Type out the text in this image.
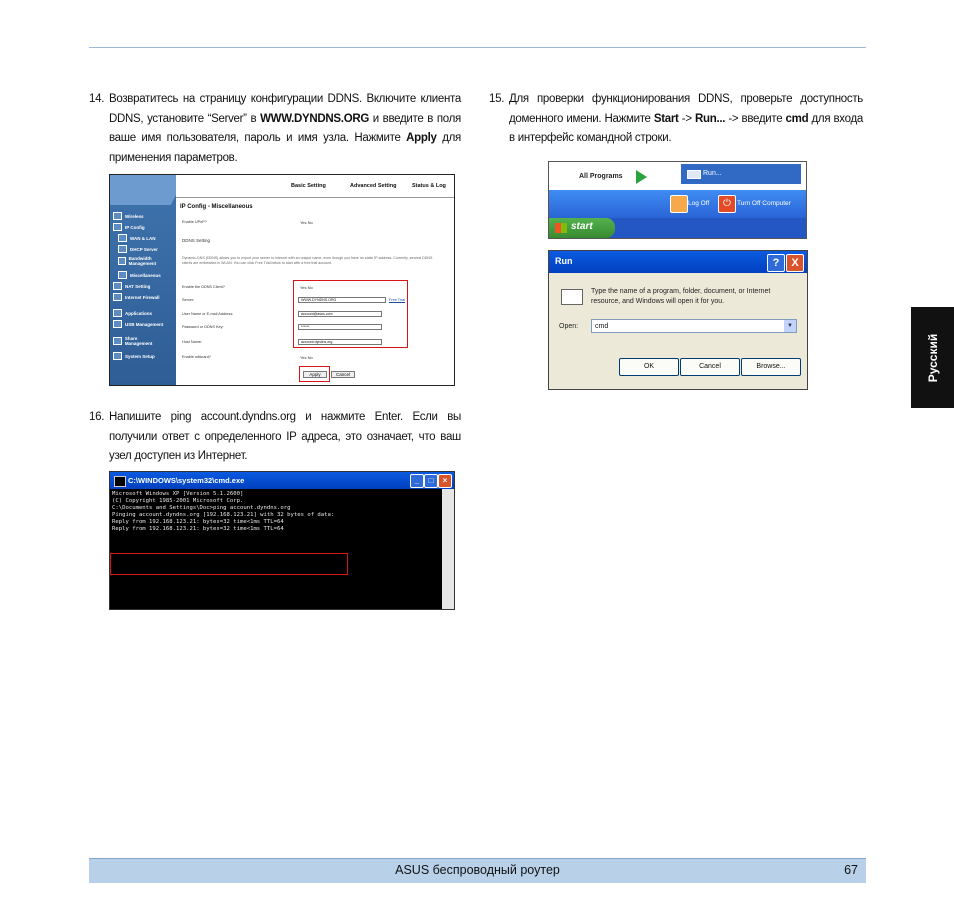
14. Возвратитесь на страницу конфигурации DDNS. Включите клиента DDNS, установите “Server” в WWW.DYNDNS.ORG и введите в поля ваше имя пользователя, пароль и имя узла. Нажмите Apply для применения параметров.
15. Для проверки функционирования DDNS, проверьте доступность доменного имени. Нажмите Start -> Run... -> введите cmd для входа в интерфейс командной строки.
16. Напишите ping account.dyndns.org и нажмите Enter. Если вы получили ответ с определенного IP адреса, это означает, что ваш узел доступен из Интернет.
Wireless
IP Config
WAN & LAN
DHCP Server
Bandwidth Management
Miscellaneous
NAT Setting
Internet Firewall
Applications
USB Management
Share Management
System Setup
Basic Setting	Advanced Setting	Status & Log
IP Config - Miscellaneous
Enable UPnP?	Yes No
DDNS Setting
Dynamic-DNS (DDNS) allows you to export your server to Internet with an unique name, even though you have no static IP address. Currently, several DDNS clients are embedded in WLAN. You can click Free Trial below to start with a free trial account.
Enable the DDNS Client?	Yes No
Server:	WWW.DYNDNS.ORG	Free Trial
User Name or E-mail Address:	account@asus.com
Password or DDNS Key:	******
Host Name:	account.dyndns.org
Enable wildcard?	Yes No
Apply	Cancel
All Programs	Run...
Log Off	⏻ Turn Off Computer
start
Run	?	X
Type the name of a program, folder, document, or Internet resource, and Windows will open it for you.
Open:	cmd	▼
OK	Cancel	Browse...
C:\WINDOWS\system32\cmd.exe	_	□	×
Microsoft Windows XP [Version 5.1.2600]
(C) Copyright 1985-2001 Microsoft Corp.
C:\Documents and Settings\Doc>ping account.dyndns.org
Pinging account.dyndns.org [192.168.123.21] with 32 bytes of data:
Reply from 192.168.123.21: bytes=32 time<1ms TTL=64
Reply from 192.168.123.21: bytes=32 time<1ms TTL=64
Русский
ASUS беспроводный роутер	67
